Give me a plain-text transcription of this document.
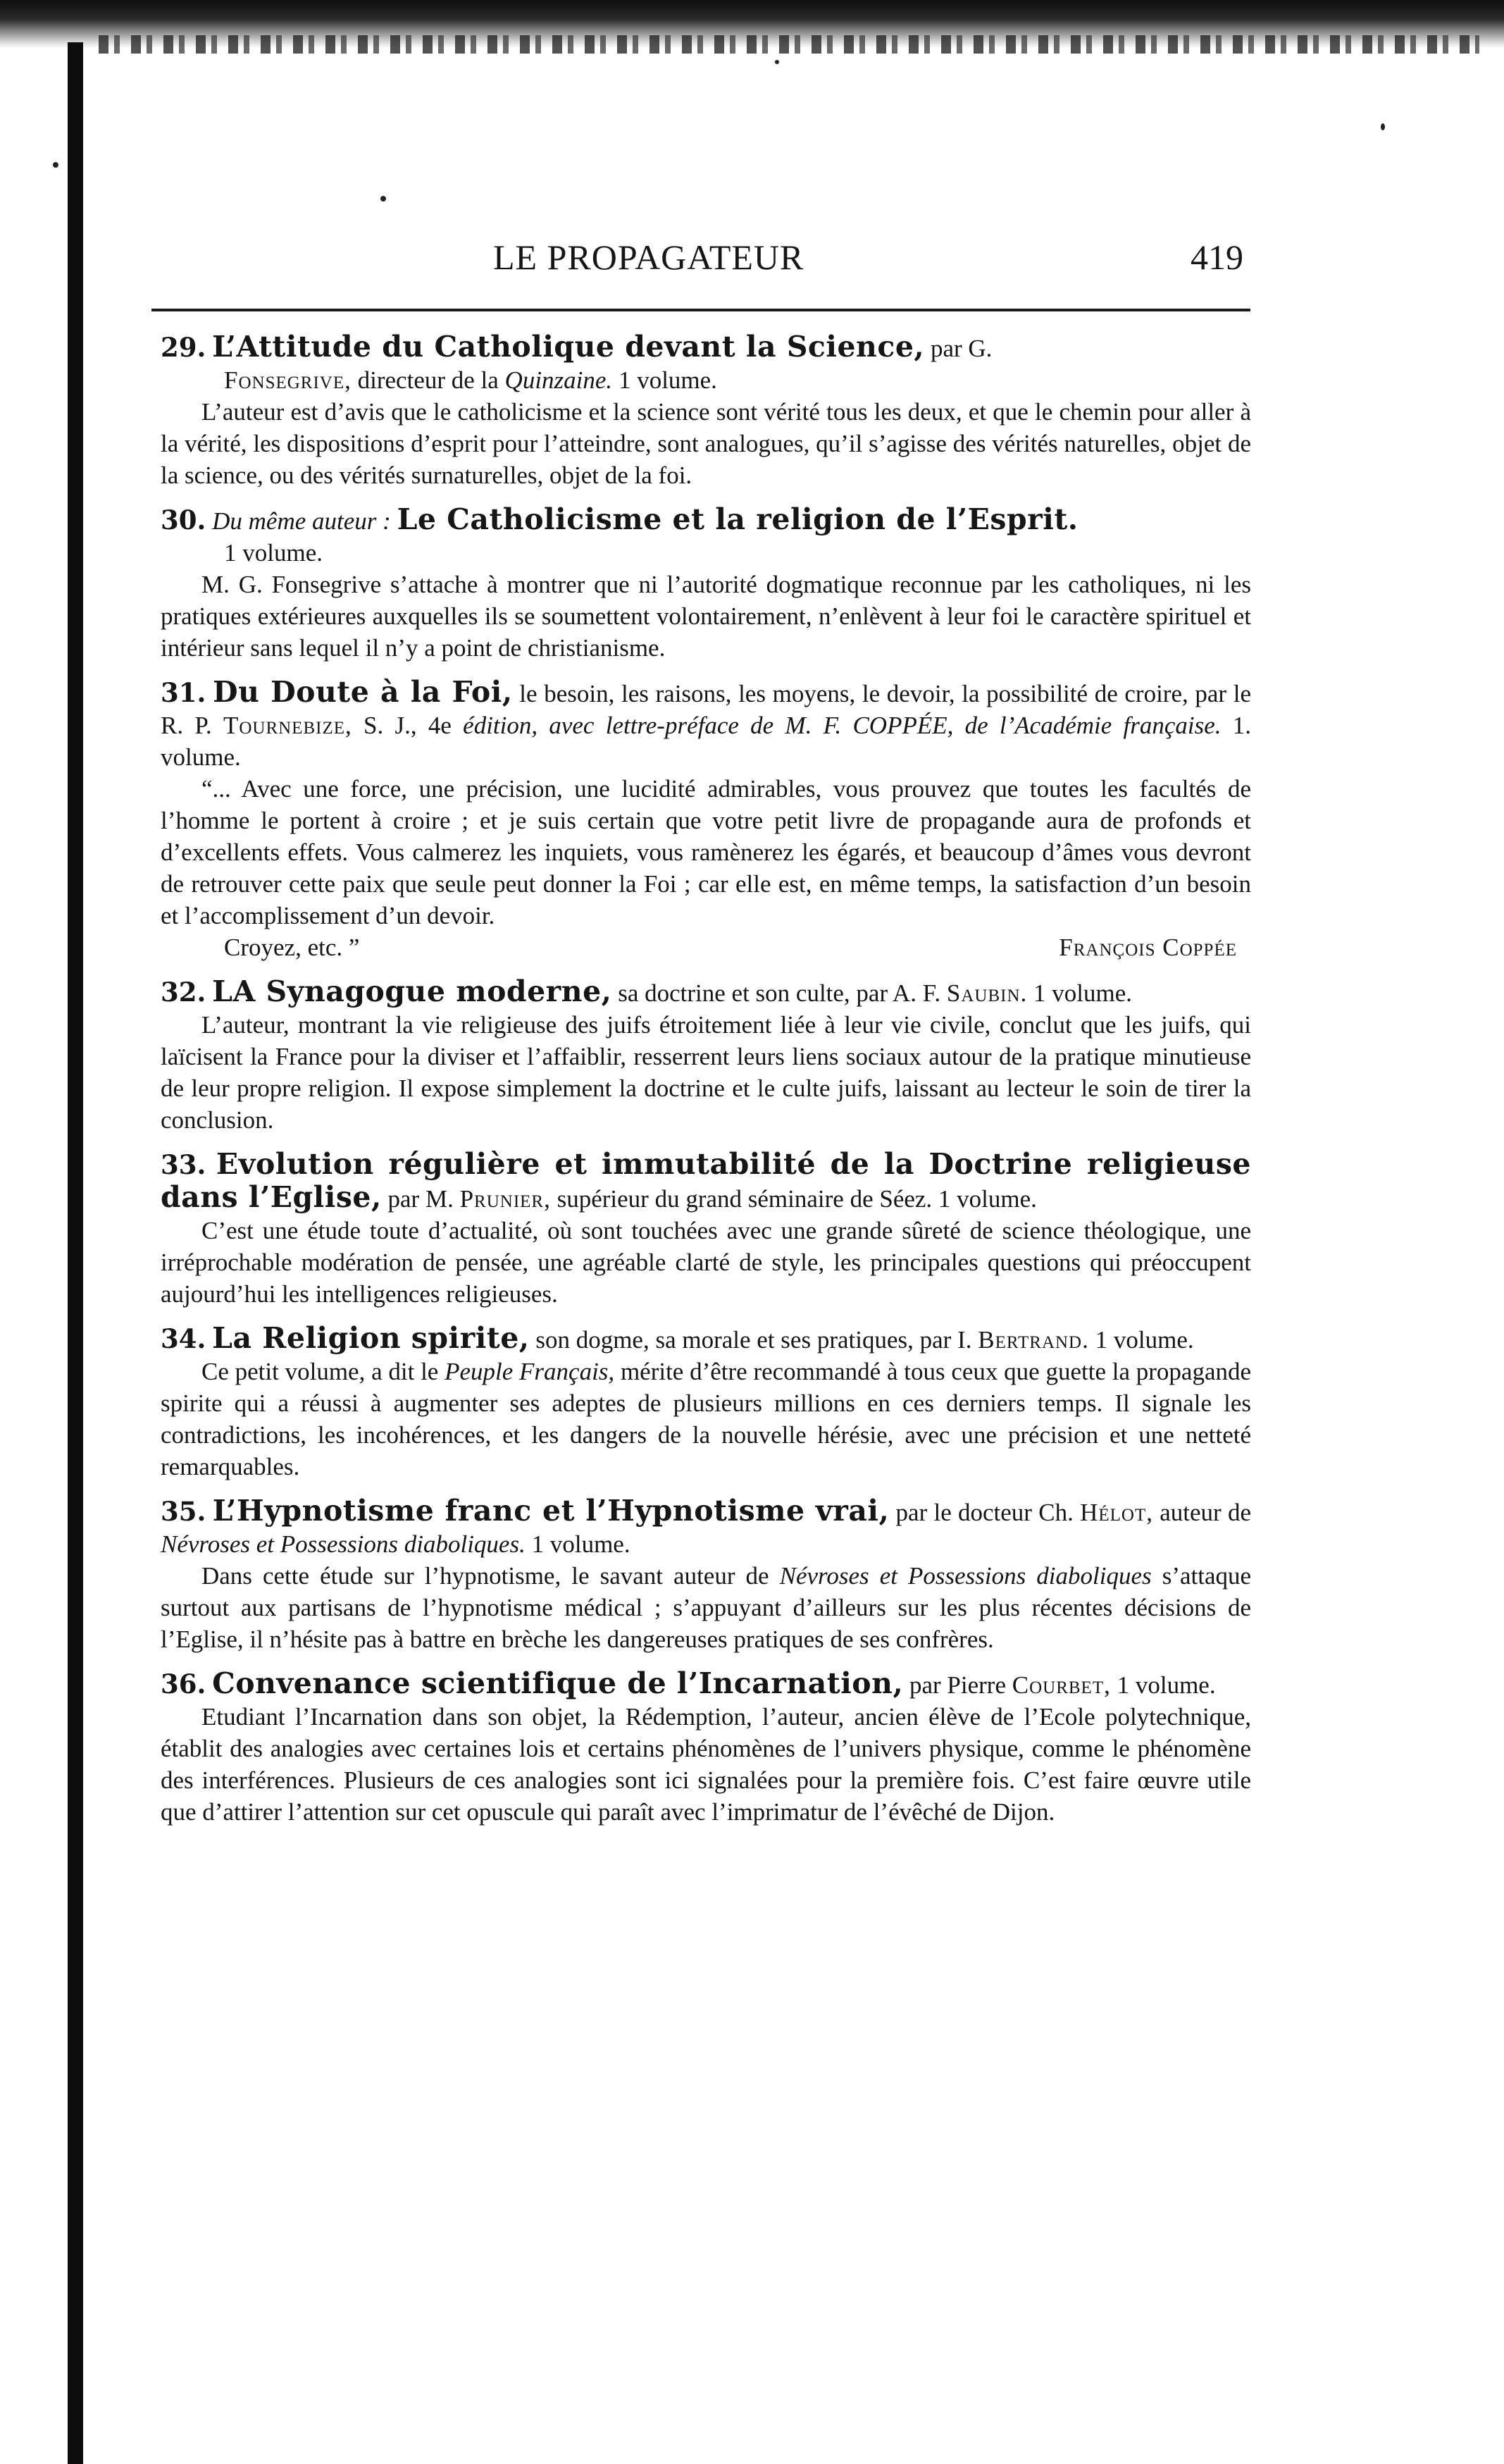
LE PROPAGATEUR	419

29. L’Attitude du Catholique devant la Science, par G.

Fonsegrive, directeur de la Quinzaine. 1 volume.

L’auteur est d’avis que le catholicisme et la science sont vérité tous les deux, et que le chemin pour aller à la vérité, les dispositions d’esprit pour l’atteindre, sont analogues, qu’il s’agisse des vérités naturelles, objet de la science, ou des vérités surnaturelles, objet de la foi.

30. Du même auteur : Le Catholicisme et la religion de l’Esprit.

1 volume.

M. G. Fonsegrive s’attache à montrer que ni l’autorité dogmatique reconnue par les catholiques, ni les pratiques extérieures auxquelles ils se soumettent volontairement, n’enlèvent à leur foi le caractère spirituel et intérieur sans lequel il n’y a point de christianisme.

31. Du Doute à la Foi, le besoin, les raisons, les moyens, le devoir, la possibilité de croire, par le R. P. Tournebize, S. J., 4e édition, avec lettre-préface de M. F. COPPÉE, de l’Académie française. 1. volume.

“... Avec une force, une précision, une lucidité admirables, vous prouvez que toutes les facultés de l’homme le portent à croire ; et je suis certain que votre petit livre de propagande aura de profonds et d’excellents effets. Vous calmerez les inquiets, vous ramènerez les égarés, et beaucoup d’âmes vous devront de retrouver cette paix que seule peut donner la Foi ; car elle est, en même temps, la satisfaction d’un besoin et l’accomplissement d’un devoir.

Croyez, etc. ”	François Coppée

32. LA Synagogue moderne, sa doctrine et son culte, par A. F. Saubin. 1 volume.

L’auteur, montrant la vie religieuse des juifs étroitement liée à leur vie civile, conclut que les juifs, qui laïcisent la France pour la diviser et l’affaiblir, resserrent leurs liens sociaux autour de la pratique minutieuse de leur propre religion. Il expose simplement la doctrine et le culte juifs, laissant au lecteur le soin de tirer la conclusion.

33. Evolution régulière et immutabilité de la Doctrine religieuse dans l’Eglise, par M. Prunier, supérieur du grand séminaire de Séez. 1 volume.

C’est une étude toute d’actualité, où sont touchées avec une grande sûreté de science théologique, une irréprochable modération de pensée, une agréable clarté de style, les principales questions qui préoccupent aujourd’hui les intelligences religieuses.

34. La Religion spirite, son dogme, sa morale et ses pratiques, par I. Bertrand. 1 volume.

Ce petit volume, a dit le Peuple Français, mérite d’être recommandé à tous ceux que guette la propagande spirite qui a réussi à augmenter ses adeptes de plusieurs millions en ces derniers temps. Il signale les contradictions, les incohérences, et les dangers de la nouvelle hérésie, avec une précision et une netteté remarquables.

35. L’Hypnotisme franc et l’Hypnotisme vrai, par le docteur Ch. Hélot, auteur de Névroses et Possessions diaboliques. 1 volume.

Dans cette étude sur l’hypnotisme, le savant auteur de Névroses et Possessions diaboliques s’attaque surtout aux partisans de l’hypnotisme médical ; s’appuyant d’ailleurs sur les plus récentes décisions de l’Eglise, il n’hésite pas à battre en brèche les dangereuses pratiques de ses confrères.

36. Convenance scientifique de l’Incarnation, par Pierre Courbet, 1 volume.

Etudiant l’Incarnation dans son objet, la Rédemption, l’auteur, ancien élève de l’Ecole polytechnique, établit des analogies avec certaines lois et certains phénomènes de l’univers physique, comme le phénomène des interférences. Plusieurs de ces analogies sont ici signalées pour la première fois. C’est faire œuvre utile que d’attirer l’attention sur cet opuscule qui paraît avec l’imprimatur de l’évêché de Dijon.
